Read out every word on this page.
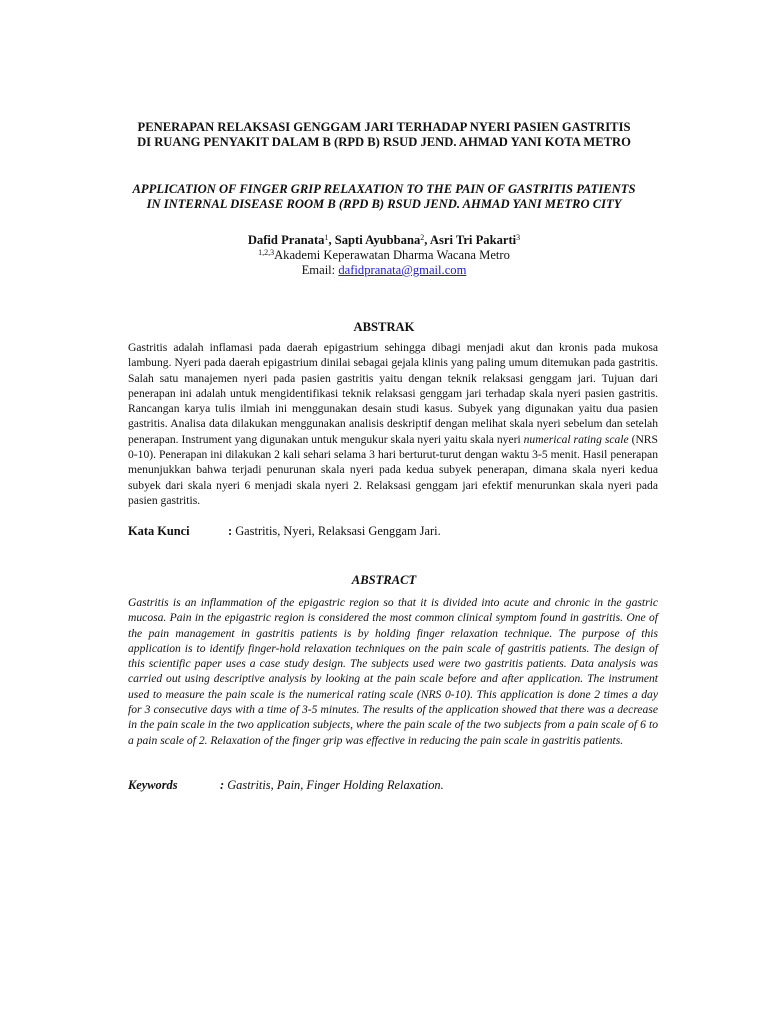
PENERAPAN RELAKSASI GENGGAM JARI TERHADAP NYERI PASIEN GASTRITIS
DI RUANG PENYAKIT DALAM B (RPD B) RSUD JEND. AHMAD YANI KOTA METRO
APPLICATION OF FINGER GRIP RELAXATION TO THE PAIN OF GASTRITIS PATIENTS
IN INTERNAL DISEASE ROOM B (RPD B) RSUD JEND. AHMAD YANI METRO CITY
Dafid Pranata$^1$, Sapti Ayubbana$^2$, Asri Tri Pakarti$^3$
$^{1,2,3}$Akademi Keperawatan Dharma Wacana Metro
Email: dafidpranata@gmail.com
ABSTRAK
Gastritis adalah inflamasi pada daerah epigastrium sehingga dibagi menjadi akut dan kronis pada mukosa lambung. Nyeri pada daerah epigastrium dinilai sebagai gejala klinis yang paling umum ditemukan pada gastritis. Salah satu manajemen nyeri pada pasien gastritis yaitu dengan teknik relaksasi genggam jari. Tujuan dari penerapan ini adalah untuk mengidentifikasi teknik relaksasi genggam jari terhadap skala nyeri pasien gastritis. Rancangan karya tulis ilmiah ini menggunakan desain studi kasus. Subyek yang digunakan yaitu dua pasien gastritis. Analisa data dilakukan menggunakan analisis deskriptif dengan melihat skala nyeri sebelum dan setelah penerapan. Instrument yang digunakan untuk mengukur skala nyeri yaitu skala nyeri numerical rating scale (NRS 0-10). Penerapan ini dilakukan 2 kali sehari selama 3 hari berturut-turut dengan waktu 3-5 menit. Hasil penerapan menunjukkan bahwa terjadi penurunan skala nyeri pada kedua subyek penerapan, dimana skala nyeri kedua subyek dari skala nyeri 6 menjadi skala nyeri 2. Relaksasi genggam jari efektif menurunkan skala nyeri pada pasien gastritis.
Kata Kunci	: Gastritis, Nyeri, Relaksasi Genggam Jari.
ABSTRACT
Gastritis is an inflammation of the epigastric region so that it is divided into acute and chronic in the gastric mucosa. Pain in the epigastric region is considered the most common clinical symptom found in gastritis. One of the pain management in gastritis patients is by holding finger relaxation technique. The purpose of this application is to identify finger-hold relaxation techniques on the pain scale of gastritis patients. The design of this scientific paper uses a case study design. The subjects used were two gastritis patients. Data analysis was carried out using descriptive analysis by looking at the pain scale before and after application. The instrument used to measure the pain scale is the numerical rating scale (NRS 0-10). This application is done 2 times a day for 3 consecutive days with a time of 3-5 minutes. The results of the application showed that there was a decrease in the pain scale in the two application subjects, where the pain scale of the two subjects from a pain scale of 6 to a pain scale of 2. Relaxation of the finger grip was effective in reducing the pain scale in gastritis patients.
Keywords	: Gastritis, Pain, Finger Holding Relaxation.
